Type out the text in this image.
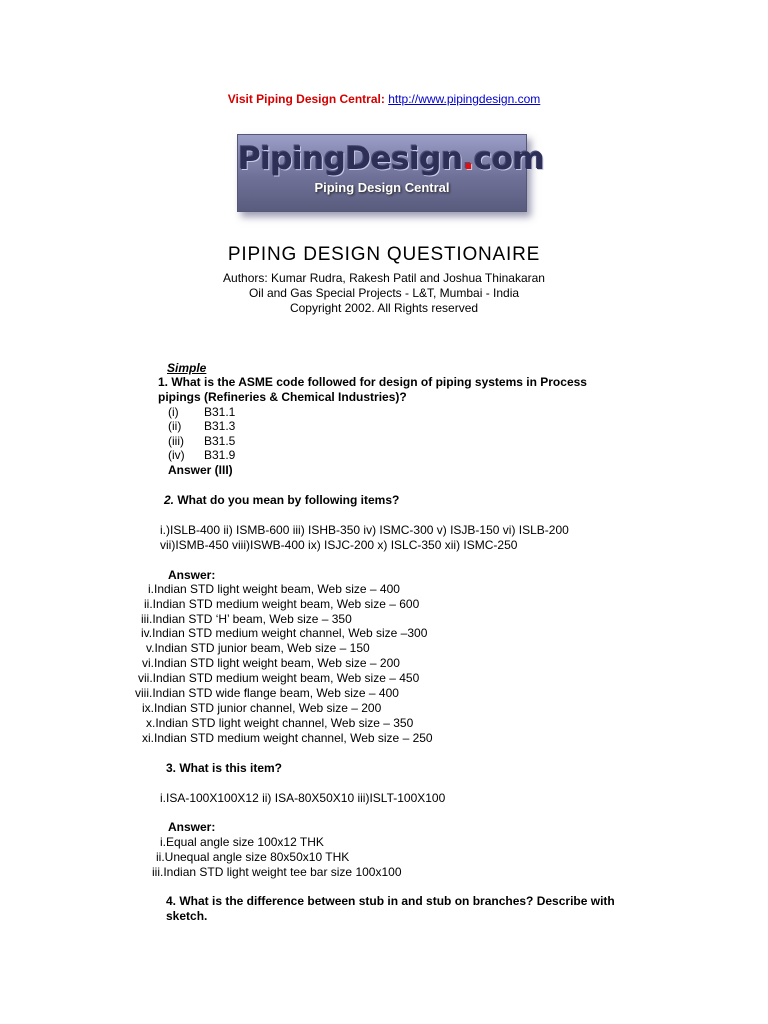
Visit Piping Design Central: http://www.pipingdesign.com
PipingDesign.com
Piping Design Central
PIPING DESIGN QUESTIONAIRE
Authors: Kumar Rudra, Rakesh Patil and Joshua Thinakaran
Oil and Gas Special Projects - L&T, Mumbai - India
Copyright 2002. All Rights reserved
Simple
1. What is the ASME code followed for design of piping systems in Process
pipings (Refineries & Chemical Industries)?
(i) B31.1
(ii) B31.3
(iii) B31.5
(iv) B31.9
Answer (III)
2. What do you mean by following items?
i.)ISLB-400 ii) ISMB-600 iii) ISHB-350 iv) ISMC-300 v) ISJB-150 vi) ISLB-200
vii)ISMB-450 viii)ISWB-400 ix) ISJC-200 x) ISLC-350 xii) ISMC-250
Answer:
i.Indian STD light weight beam, Web size – 400
ii.Indian STD medium weight beam, Web size – 600
iii.Indian STD ‘H’ beam, Web size – 350
iv.Indian STD medium weight channel, Web size –300
v.Indian STD junior beam, Web size – 150
vi.Indian STD light weight beam, Web size – 200
vii.Indian STD medium weight beam, Web size – 450
viii.Indian STD wide flange beam, Web size – 400
ix.Indian STD junior channel, Web size – 200
x.Indian STD light weight channel, Web size – 350
xi.Indian STD medium weight channel, Web size – 250
3. What is this item?
i.ISA-100X100X12 ii) ISA-80X50X10 iii)ISLT-100X100
Answer:
i.Equal angle size 100x12 THK
ii.Unequal angle size 80x50x10 THK
iii.Indian STD light weight tee bar size 100x100
4. What is the difference between stub in and stub on branches? Describe with
sketch.
